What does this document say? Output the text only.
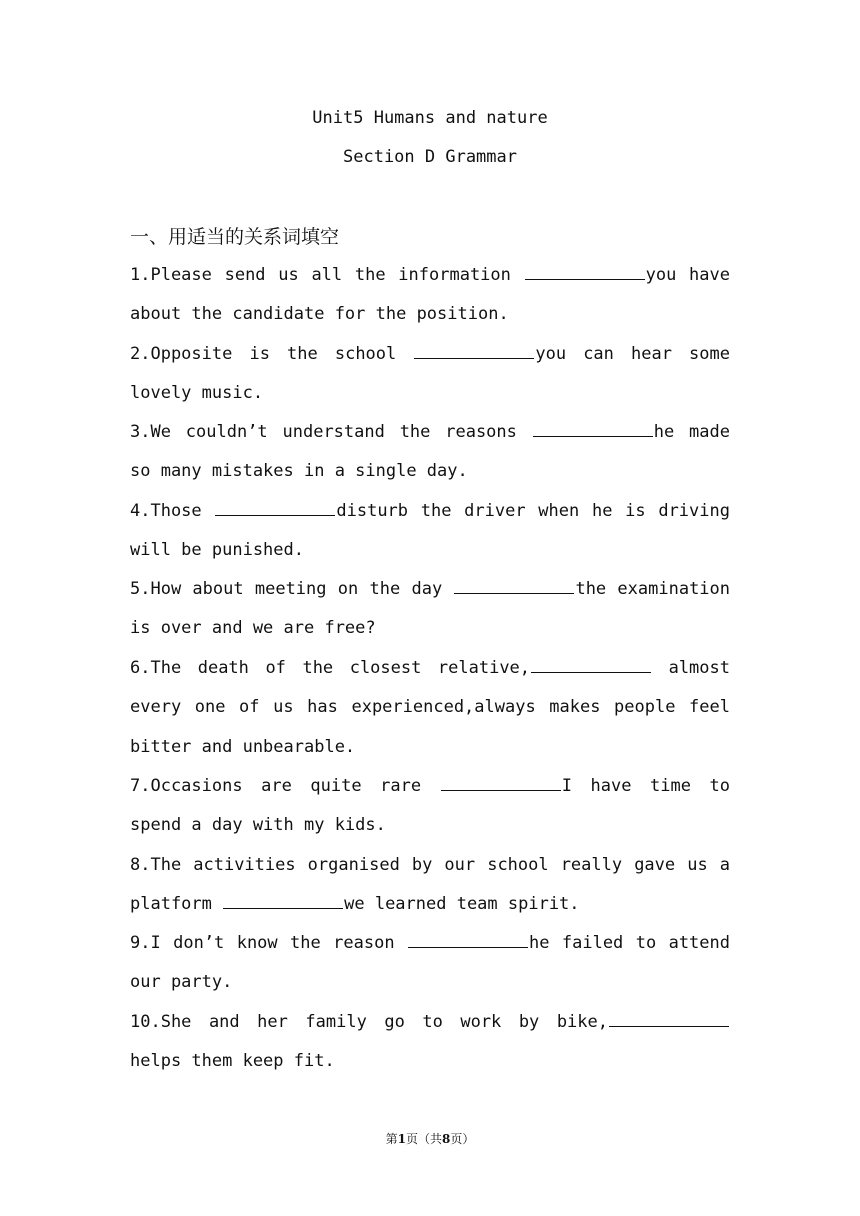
Unit5 Humans and nature
Section D Grammar
一、用适当的关系词填空
1.Please send us all the information	you have about the candidate for the position.
2.Opposite is the school	you can hear some lovely music.
3.We couldn’t understand the reasons	he made so many mistakes in a single day.
4.Those	disturb the driver when he is driving will be punished.
5.How about meeting on the day	the examination is over and we are free?
6.The death of the closest relative,	almost every one of us has experienced,always makes people feel bitter and unbearable.
7.Occasions are quite rare	I have time to spend a day with my kids.
8.The activities organised by our school really gave us a platform	we learned team spirit.
9.I don’t know the reason	he failed to attend our party.
10.She and her family go to work by bike, helps them keep fit.
第1页（共8页）
